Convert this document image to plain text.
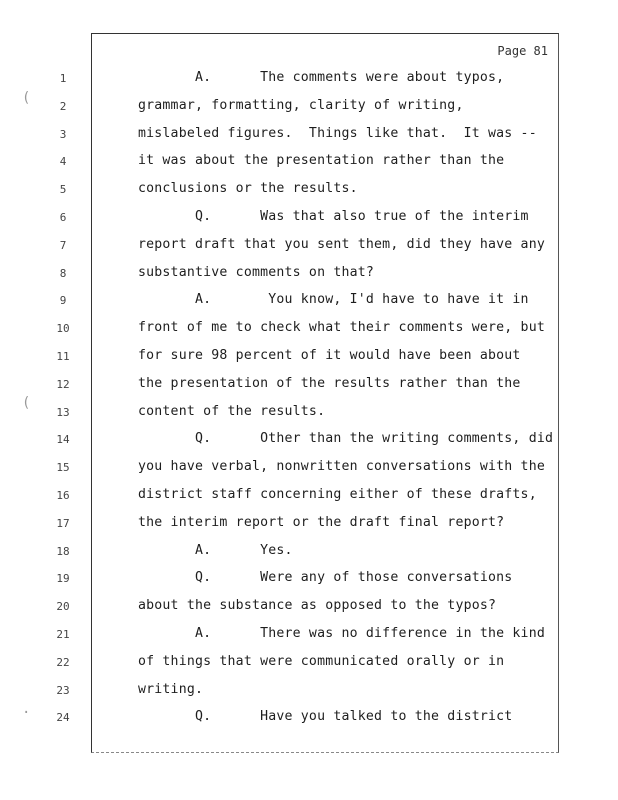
(
(
·
Page 81
1	A.      The comments were about typos,
2	grammar, formatting, clarity of writing,
3	mislabeled figures.  Things like that.  It was --
4	it was about the presentation rather than the
5	conclusions or the results.
6	Q.      Was that also true of the interim
7	report draft that you sent them, did they have any
8	substantive comments on that?
9	A.       You know, I'd have to have it in
10	front of me to check what their comments were, but
11	for sure 98 percent of it would have been about
12	the presentation of the results rather than the
13	content of the results.
14	Q.      Other than the writing comments, did
15	you have verbal, nonwritten conversations with the
16	district staff concerning either of these drafts,
17	the interim report or the draft final report?
18	A.      Yes.
19	Q.      Were any of those conversations
20	about the substance as opposed to the typos?
21	A.      There was no difference in the kind
22	of things that were communicated orally or in
23	writing.
24	Q.      Have you talked to the district
